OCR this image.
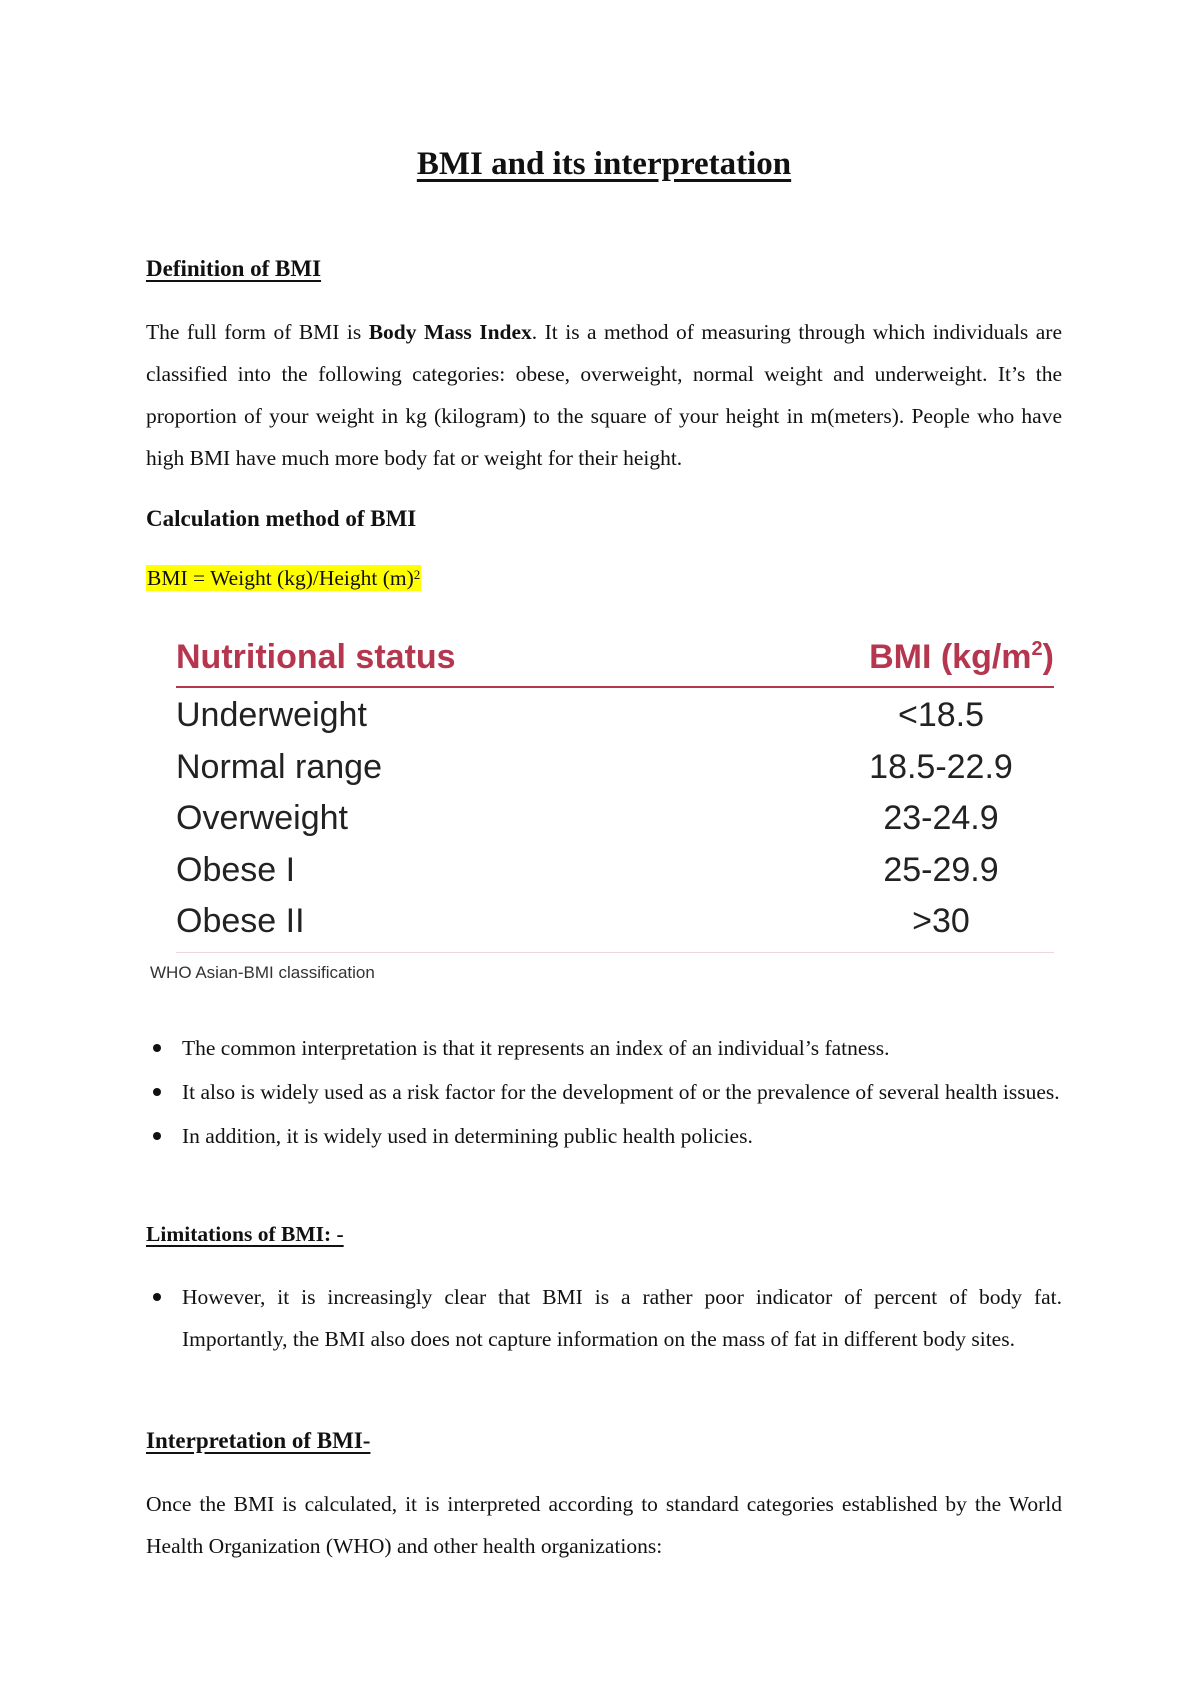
BMI and its interpretation
Definition of BMI
The full form of BMI is Body Mass Index. It is a method of measuring through which individuals are classified into the following categories: obese, overweight, normal weight and underweight. It’s the proportion of your weight in kg (kilogram) to the square of your height in m(meters). People who have high BMI have much more body fat or weight for their height.
Calculation method of BMI
BMI = Weight (kg)/Height $(m)^2$
Nutritional status	BMI $(kg/m^2)$
Underweight	<18.5
Normal range	18.5-22.9
Overweight	23-24.9
Obese I	25-29.9
Obese II	>30
WHO Asian-BMI classification
The common interpretation is that it represents an index of an individual’s fatness.
It also is widely used as a risk factor for the development of or the prevalence of several health issues.
In addition, it is widely used in determining public health policies.
Limitations of BMI: -
However, it is increasingly clear that BMI is a rather poor indicator of percent of body fat. Importantly, the BMI also does not capture information on the mass of fat in different body sites.
Interpretation of BMI-
Once the BMI is calculated, it is interpreted according to standard categories established by the World Health Organization (WHO) and other health organizations:
